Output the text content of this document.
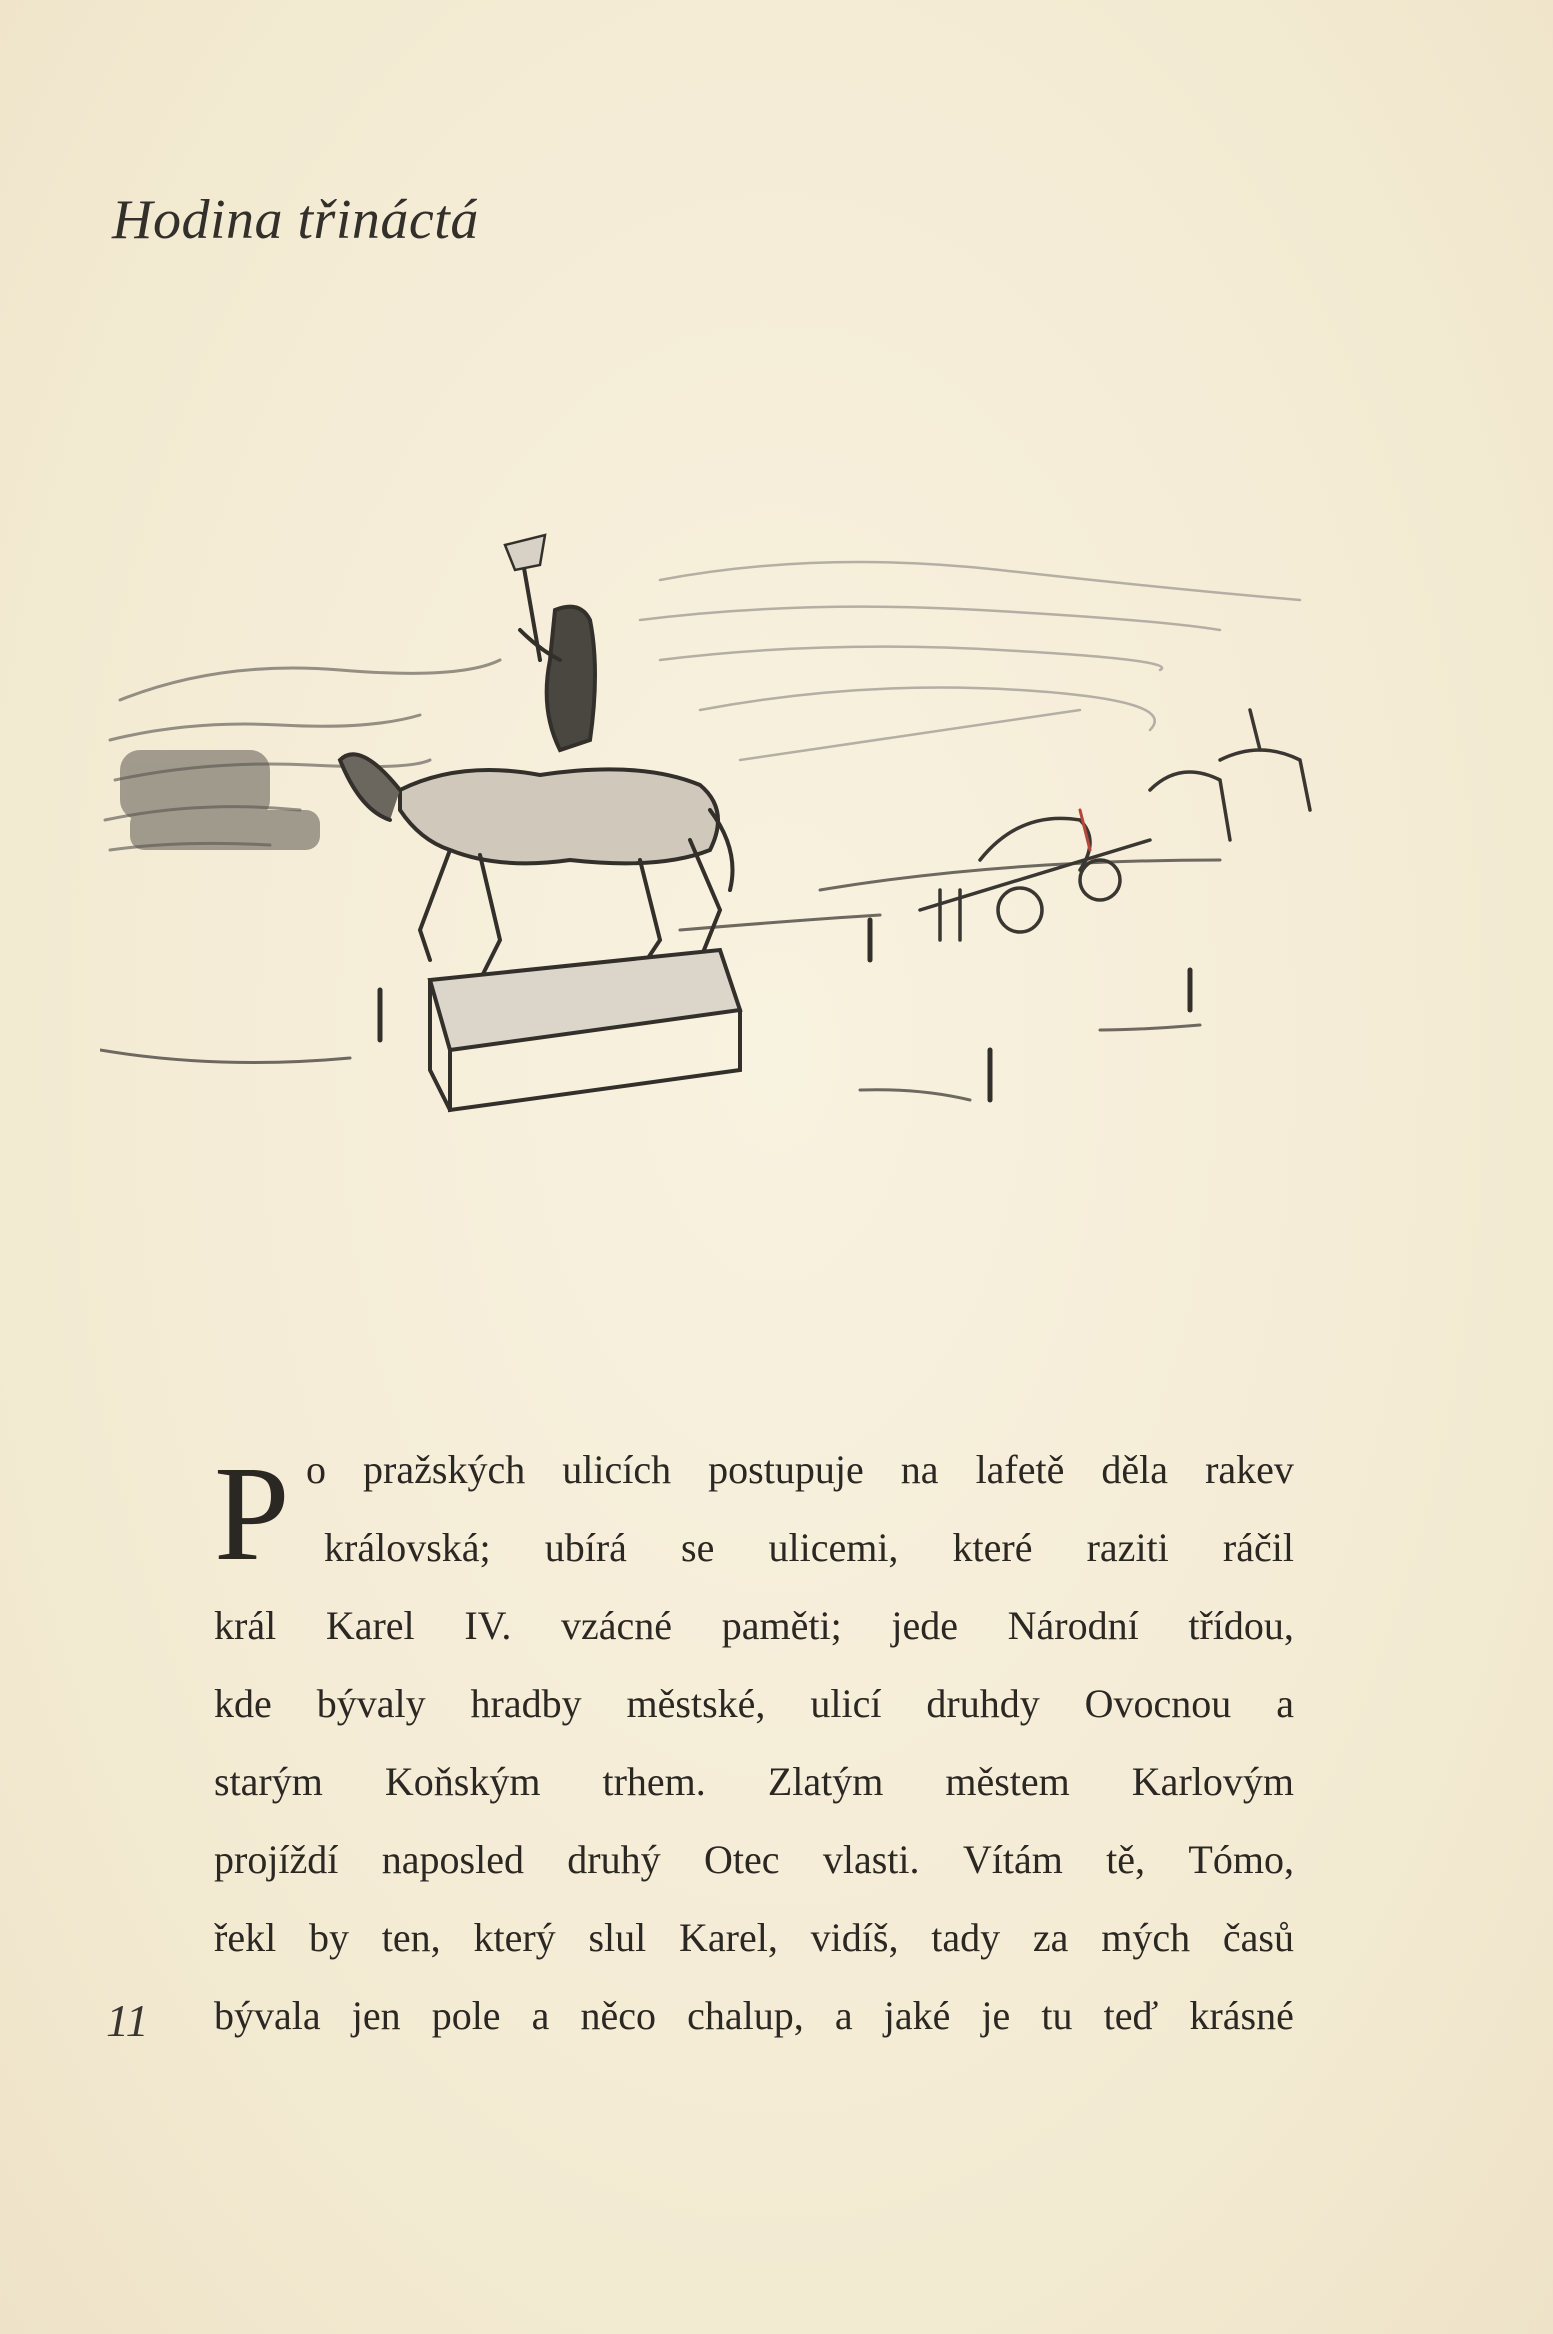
Hodina třináctá
P o pražských ulicích postupuje na lafetě děla rakev
královská; ubírá se ulicemi, které raziti ráčil
král Karel IV. vzácné paměti; jede Národní třídou,
kde bývaly hradby městské, ulicí druhdy Ovocnou a
starým Koňským trhem. Zlatým městem Karlovým
projíždí naposled druhý Otec vlasti. Vítám tě, Tómo,
řekl by ten, který slul Karel, vidíš, tady za mých časů
bývala jen pole a něco chalup, a jaké je tu teď krásné
11
